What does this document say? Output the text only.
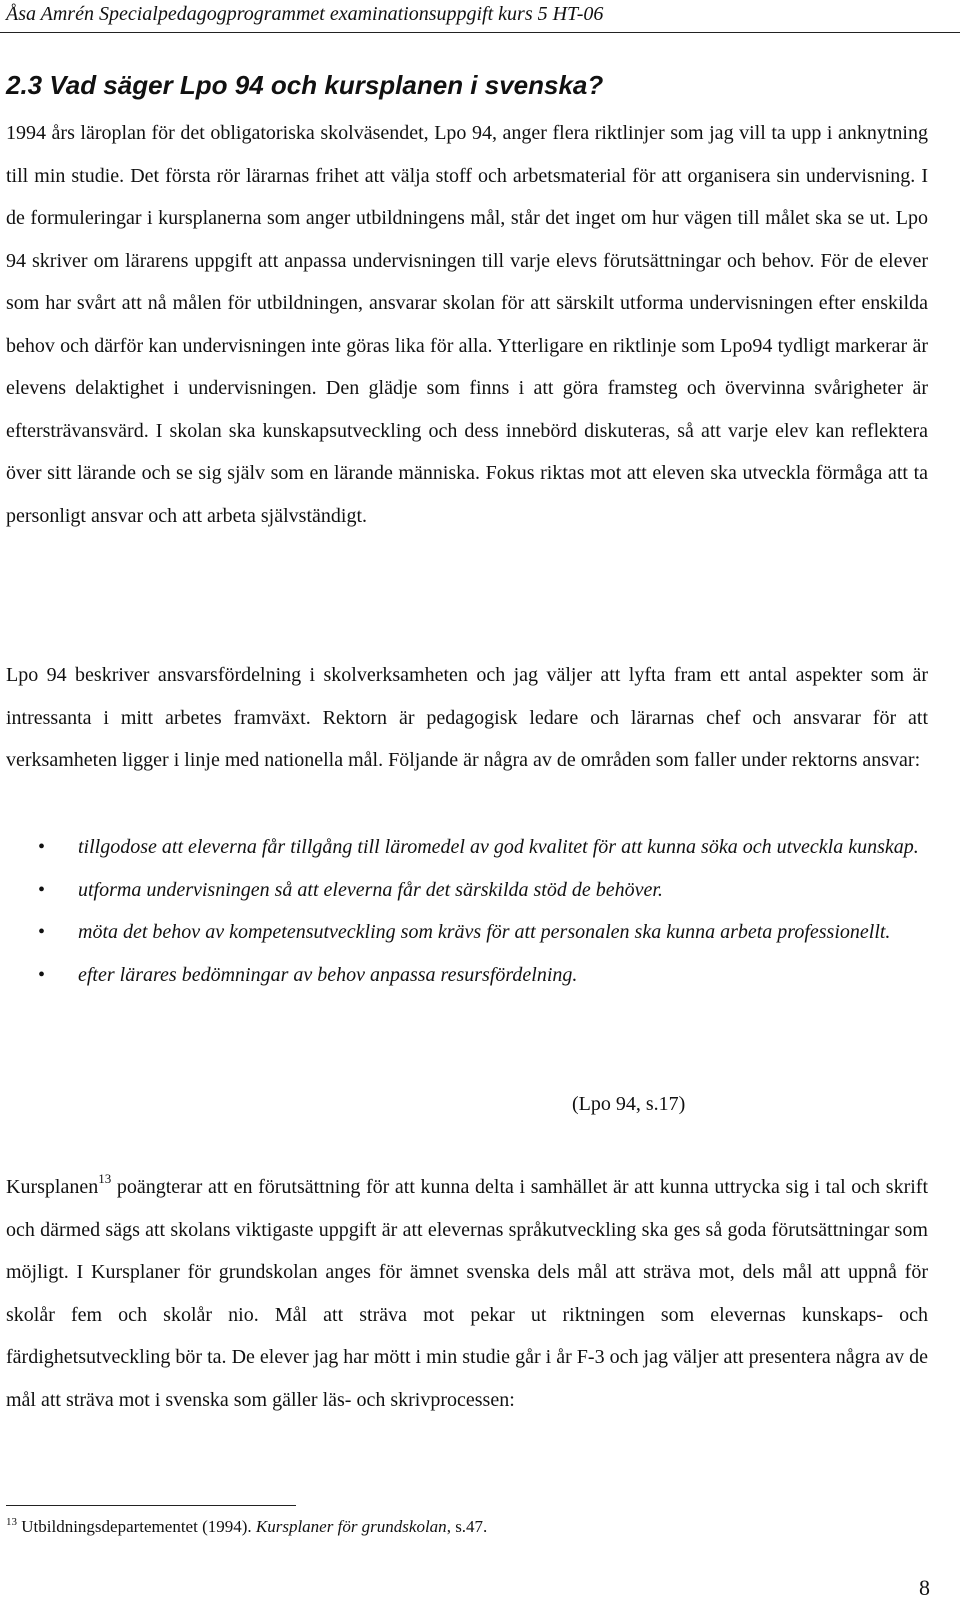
Åsa Amrén Specialpedagogprogrammet examinationsuppgift kurs 5 HT-06
2.3 Vad säger Lpo 94 och kursplanen i svenska?

1994 års läroplan för det obligatoriska skolväsendet, Lpo 94, anger flera riktlinjer som jag vill ta upp i anknytning till min studie. Det första rör lärarnas frihet att välja stoff och arbetsmaterial för att organisera sin undervisning. I de formuleringar i kursplanerna som anger utbildningens mål, står det inget om hur vägen till målet ska se ut. Lpo 94 skriver om lärarens uppgift att anpassa undervisningen till varje elevs förutsättningar och behov. För de elever som har svårt att nå målen för utbildningen, ansvarar skolan för att särskilt utforma undervisningen efter enskilda behov och därför kan undervisningen inte göras lika för alla. Ytterligare en riktlinje som Lpo94 tydligt markerar är elevens delaktighet i undervisningen. Den glädje som finns i att göra framsteg och övervinna svårigheter är eftersträvansvärd. I skolan ska kunskapsutveckling och dess innebörd diskuteras, så att varje elev kan reflektera över sitt lärande och se sig själv som en lärande människa. Fokus riktas mot att eleven ska utveckla förmåga att ta personligt ansvar och att arbeta självständigt.

Lpo 94 beskriver ansvarsfördelning i skolverksamheten och jag väljer att lyfta fram ett antal aspekter som är intressanta i mitt arbetes framväxt. Rektorn är pedagogisk ledare och lärarnas chef och ansvarar för att verksamheten ligger i linje med nationella mål. Följande är några av de områden som faller under rektorns ansvar:

• tillgodose att eleverna får tillgång till läromedel av god kvalitet för att kunna söka och utveckla kunskap.
• utforma undervisningen så att eleverna får det särskilda stöd de behöver.
• möta det behov av kompetensutveckling som krävs för att personalen ska kunna arbeta professionellt.
• efter lärares bedömningar av behov anpassa resursfördelning.
(Lpo 94, s.17)

Kursplanen$^{13}$ poängterar att en förutsättning för att kunna delta i samhället är att kunna uttrycka sig i tal och skrift och därmed sägs att skolans viktigaste uppgift är att elevernas språkutveckling ska ges så goda förutsättningar som möjligt. I Kursplaner för grundskolan anges för ämnet svenska dels mål att sträva mot, dels mål att uppnå för skolår fem och skolår nio. Mål att sträva mot pekar ut riktningen som elevernas kunskaps- och färdighetsutveckling bör ta. De elever jag har mött i min studie går i år F-3 och jag väljer att presentera några av de mål att sträva mot i svenska som gäller läs- och skrivprocessen:

$^{13}$ Utbildningsdepartementet (1994). Kursplaner för grundskolan, s.47.
8
